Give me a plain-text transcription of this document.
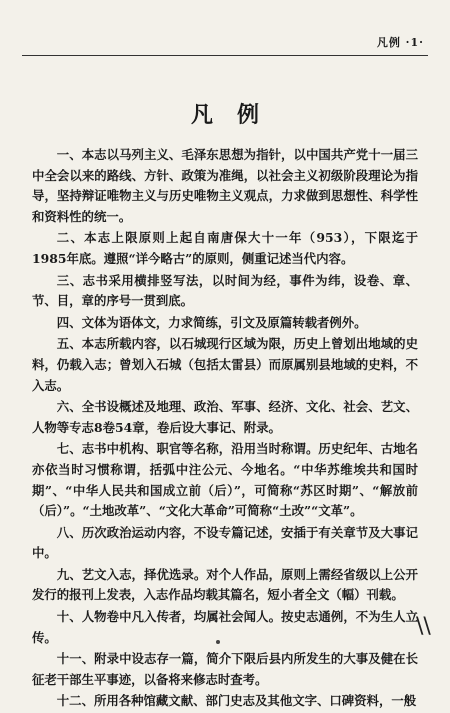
凡例 ·1·
凡例

一、本志以马列主义、毛泽东思想为指针，以中国共产党十一届三中全会以来的路线、方针、政策为准绳，以社会主义初级阶段理论为指导，坚持辩证唯物主义与历史唯物主义观点，力求做到思想性、科学性和资料性的统一。

二、本志上限原则上起自南唐保大十一年（953），下限迄于1985年底。遵照“详今略古”的原则，侧重记述当代内容。

三、志书采用横排竖写法，以时间为经，事件为纬，设卷、章、节、目，章的序号一贯到底。

四、文体为语体文，力求简练，引文及原篇转载者例外。

五、本志所载内容，以石城现行区域为限，历史上曾划出地域的史料，仍载入志；曾划入石城（包括太雷县）而原属别县地域的史料，不入志。

六、全书设概述及地理、政治、军事、经济、文化、社会、艺文、人物等专志8卷54章，卷后设大事记、附录。

七、志书中机构、职官等名称，沿用当时称谓。历史纪年、古地名亦依当时习惯称谓，括弧中注公元、今地名。“中华苏维埃共和国时期”、“中华人民共和国成立前（后）”，可简称“苏区时期”、“解放前（后）”。“土地改革”、“文化大革命”可简称“土改”“文革”。

八、历次政治运动内容，不设专篇记述，安插于有关章节及大事记中。

九、艺文入志，择优选录。对个人作品，原则上需经省级以上公开发行的报刊上发表，入志作品均载其篇名，短小者全文（幅）刊载。

十、人物卷中凡入传者，均属社会闻人。按史志通例，不为生人立传。

十一、附录中设志存一篇，简介下限后县内所发生的大事及健在长征老干部生平事迹，以备将来修志时查考。

十二、所用各种馆藏文献、部门史志及其他文字、口碑资料，一般

\\
